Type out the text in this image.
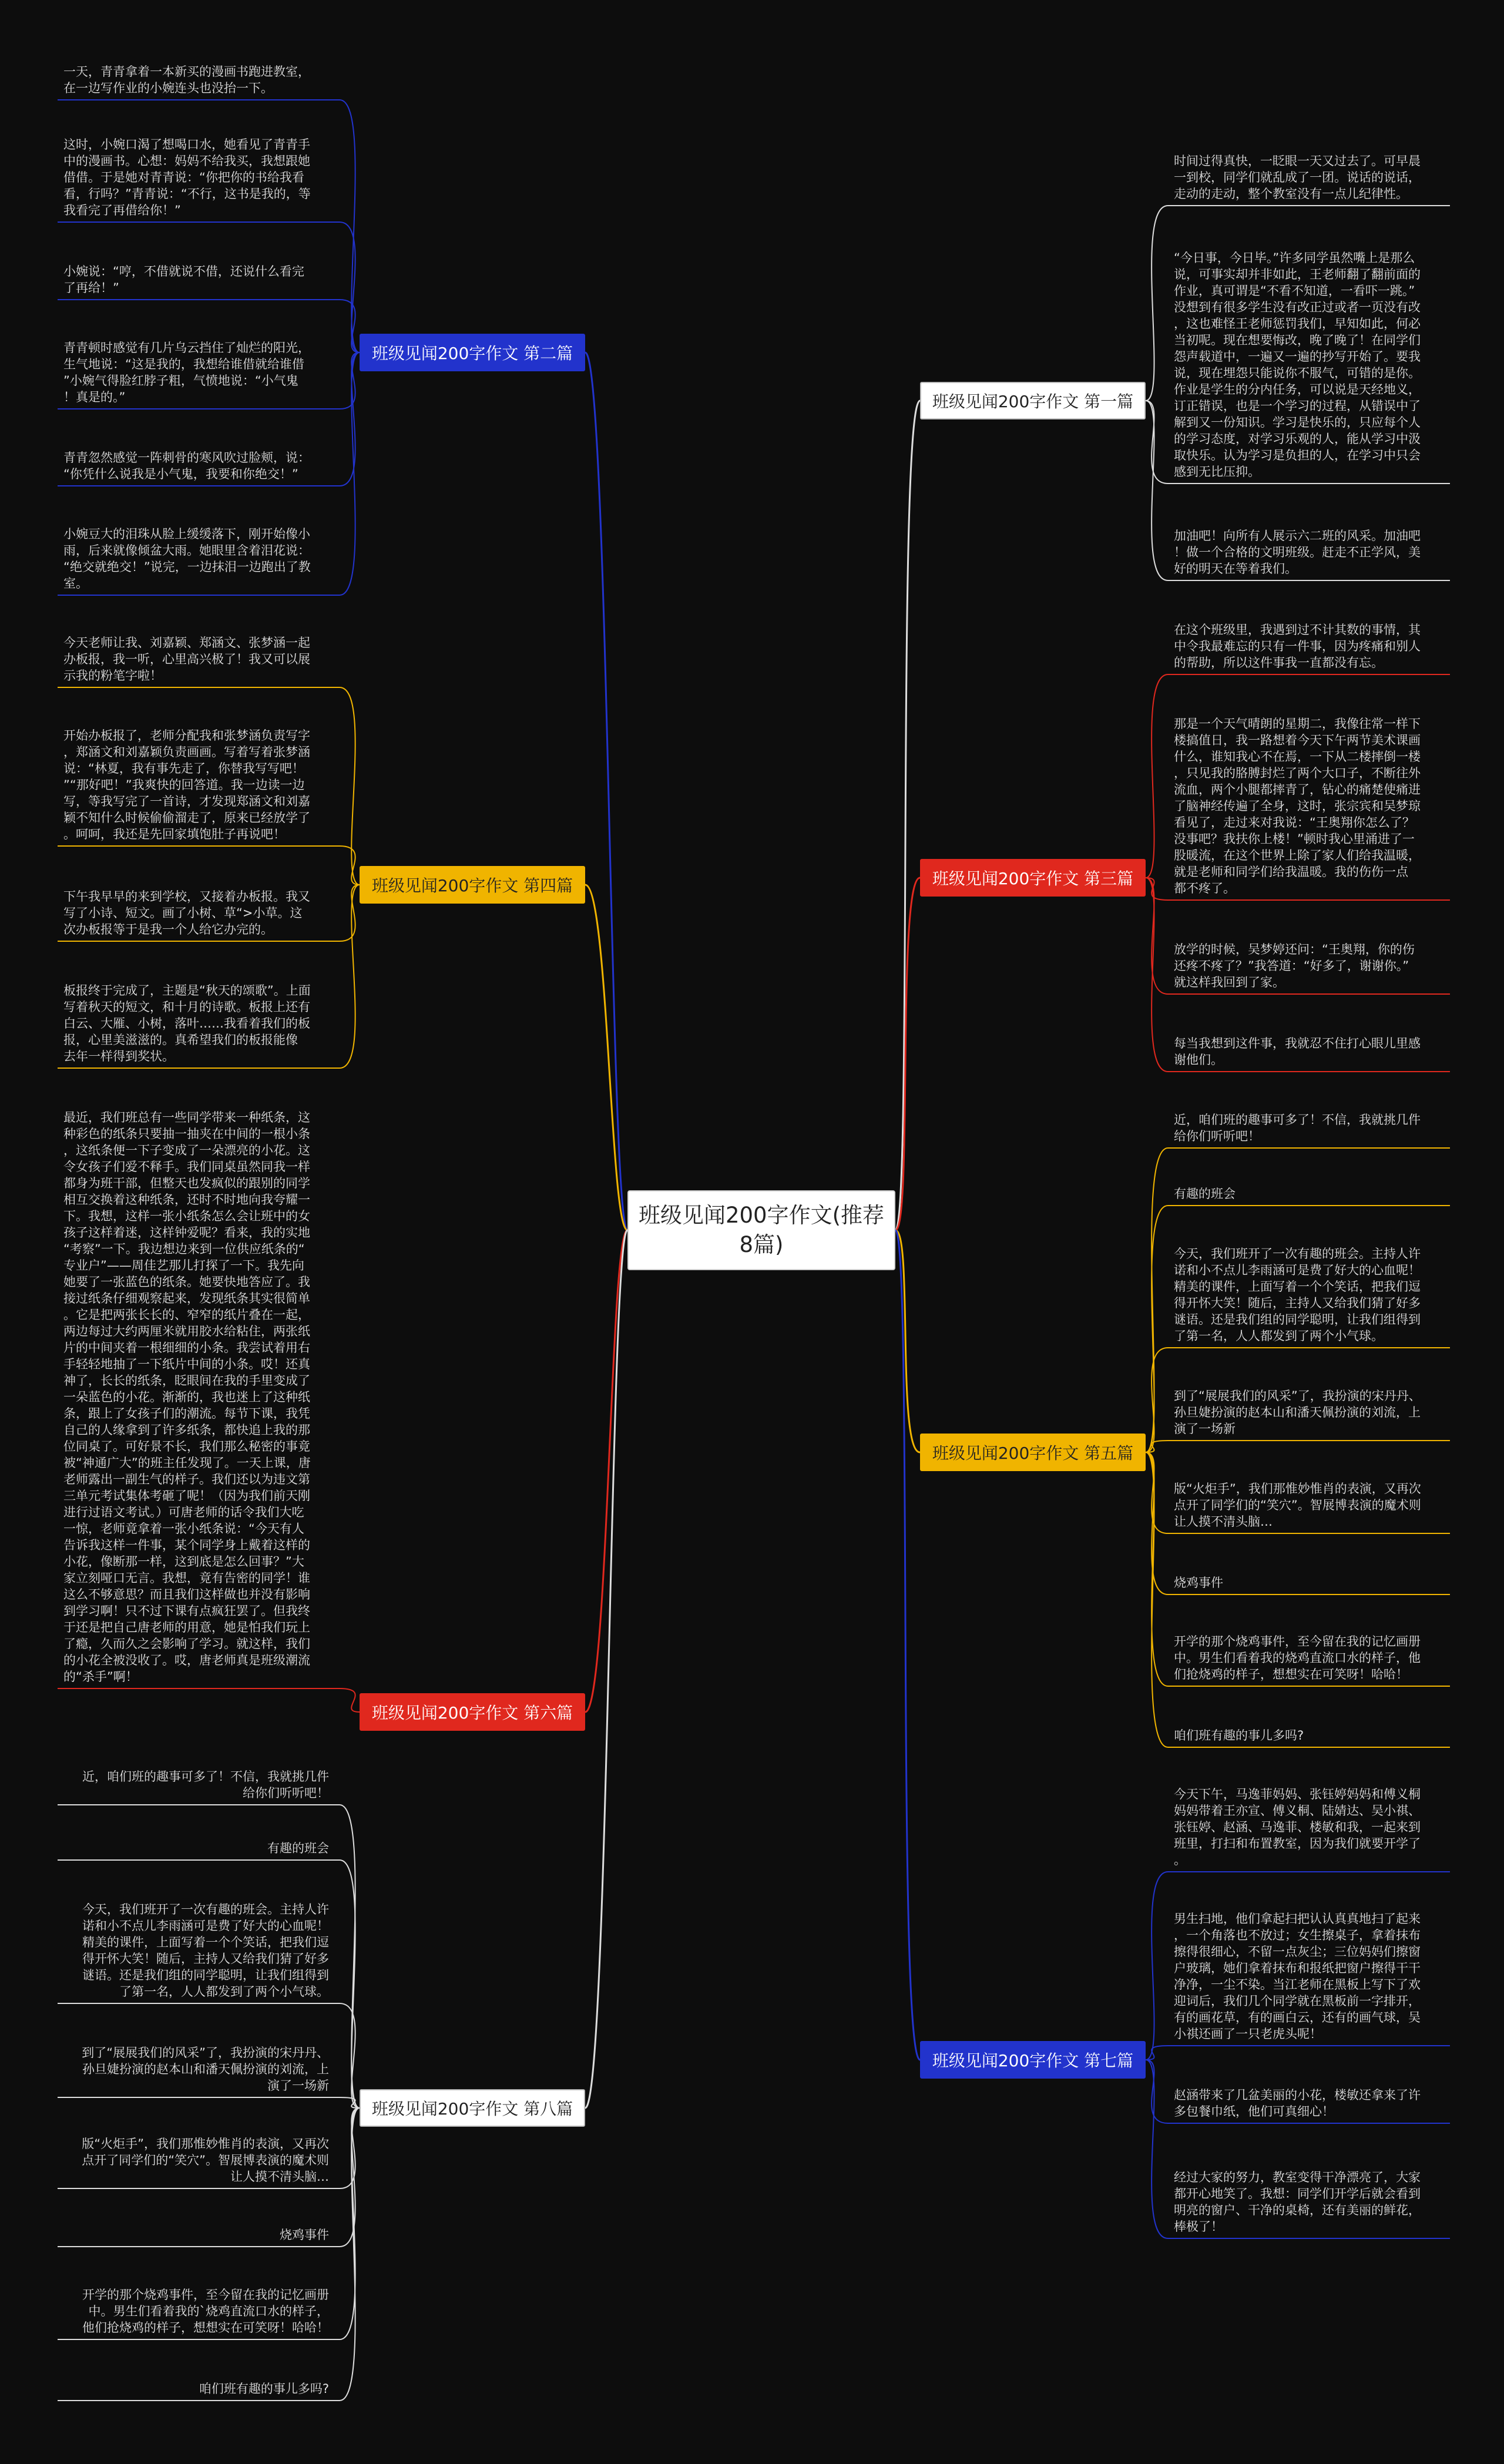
班级见闻200字作文(推荐8篇)
班级见闻200字作文 第一篇

时间过得真快，一眨眼一天又过去了。可早晨
一到校，同学们就乱成了一团。说话的说话，
走动的走动，整个教室没有一点儿纪律性。

“今日事，今日毕。”许多同学虽然嘴上是那么
说，可事实却并非如此，王老师翻了翻前面的
作业，真可谓是“不看不知道，一看吓一跳。”
没想到有很多学生没有改正过或者一页没有改
，这也难怪王老师惩罚我们，早知如此，何必
当初呢。现在想要悔改，晚了晚了！在同学们
怨声载道中，一遍又一遍的抄写开始了。要我
说，现在埋怨只能说你不服气，可错的是你。
作业是学生的分内任务，可以说是天经地义，
订正错误，也是一个学习的过程，从错误中了
解到又一份知识。学习是快乐的，只应每个人
的学习态度，对学习乐观的人，能从学习中汲
取快乐。认为学习是负担的人，在学习中只会
感到无比压抑。

加油吧！向所有人展示六二班的风采。加油吧
！做一个合格的文明班级。赶走不正学风，美
好的明天在等着我们。

班级见闻200字作文 第二篇

一天，青青拿着一本新买的漫画书跑进教室，
在一边写作业的小婉连头也没抬一下。

这时，小婉口渴了想喝口水，她看见了青青手
中的漫画书。心想：妈妈不给我买，我想跟她
借借。于是她对青青说：“你把你的书给我看
看，行吗？”青青说：“不行，这书是我的，等
我看完了再借给你！”

小婉说：“哼，不借就说不借，还说什么看完
了再给！”

青青顿时感觉有几片乌云挡住了灿烂的阳光，
生气地说：“这是我的，我想给谁借就给谁借
”小婉气得脸红脖子粗，气愤地说：“小气鬼
！真是的。”

青青忽然感觉一阵刺骨的寒风吹过脸颊，说：
“你凭什么说我是小气鬼，我要和你绝交！”

小婉豆大的泪珠从脸上缓缓落下，刚开始像小
雨，后来就像倾盆大雨。她眼里含着泪花说：
“绝交就绝交！”说完，一边抹泪一边跑出了教
室。

班级见闻200字作文 第三篇

在这个班级里，我遇到过不计其数的事情，其
中令我最难忘的只有一件事，因为疼痛和别人
的帮助，所以这件事我一直都没有忘。

那是一个天气晴朗的星期二，我像往常一样下
楼搞值日，我一路想着今天下午两节美术课画
什么，谁知我心不在焉，一下从二楼摔倒一楼
，只见我的胳膊封烂了两个大口子，不断往外
流血，两个小腿都摔青了，钻心的痛楚使痛进
了脑神经传遍了全身，这时，张宗宾和吴梦琼
看见了，走过来对我说：“王奥翔你怎么了？
没事吧？我扶你上楼！”顿时我心里涌进了一
股暖流，在这个世界上除了家人们给我温暖，
就是老师和同学们给我温暖。我的伤伤一点
都不疼了。

放学的时候，吴梦婷还问：“王奥翔，你的伤
还疼不疼了？”我答道：“好多了，谢谢你。”
就这样我回到了家。

每当我想到这件事，我就忍不住打心眼儿里感
谢他们。

班级见闻200字作文 第四篇

今天老师让我、刘嘉颖、郑涵文、张梦涵一起
办板报，我一听，心里高兴极了！我又可以展
示我的粉笔字啦！

开始办板报了，老师分配我和张梦涵负责写字
，郑涵文和刘嘉颖负责画画。写着写着张梦涵
说：“林夏，我有事先走了，你替我写写吧！
”“那好吧！”我爽快的回答道。我一边读一边
写，等我写完了一首诗，才发现郑涵文和刘嘉
颖不知什么时候偷偷溜走了，原来已经放学了
。呵呵，我还是先回家填饱肚子再说吧！

下午我早早的来到学校，又接着办板报。我又
写了小诗、短文。画了小树、草“>小草。这
次办板报等于是我一个人给它办完的。

板报终于完成了，主题是“秋天的颂歌”。上面
写着秋天的短文，和十月的诗歌。板报上还有
白云、大雁、小树，落叶……我看着我们的板
报，心里美滋滋的。真希望我们的板报能像
去年一样得到奖状。

班级见闻200字作文 第五篇

近，咱们班的趣事可多了！不信，我就挑几件
给你们听听吧！

有趣的班会

今天，我们班开了一次有趣的班会。主持人许
诺和小不点儿李雨涵可是费了好大的心血呢！
精美的课件，上面写着一个个笑话，把我们逗
得开怀大笑！随后，主持人又给我们猜了好多
谜语。还是我们组的同学聪明，让我们组得到
了第一名，人人都发到了两个小气球。

到了“展展我们的风采”了，我扮演的宋丹丹、
孙旦婕扮演的赵本山和潘天佩扮演的刘流，上
演了一场新

版“火炬手”，我们那惟妙惟肖的表演，又再次
点开了同学们的“笑穴”。智展博表演的魔术则
让人摸不清头脑…

烧鸡事件

开学的那个烧鸡事件，至今留在我的记忆画册
中。男生们看着我的烧鸡直流口水的样子，他
们抢烧鸡的样子，想想实在可笑呀！哈哈！

咱们班有趣的事儿多吗?

班级见闻200字作文 第六篇

最近，我们班总有一些同学带来一种纸条，这
种彩色的纸条只要抽一抽夹在中间的一根小条
，这纸条便一下子变成了一朵漂亮的小花。这
令女孩子们爱不释手。我们同桌虽然同我一样
都身为班干部，但整天也发疯似的跟别的同学
相互交换着这种纸条，还时不时地向我夸耀一
下。我想，这样一张小纸条怎么会让班中的女
孩子这样着迷，这样钟爱呢？看来，我的实地
“考察”一下。我边想边来到一位供应纸条的“
专业户”——周佳艺那儿打探了一下。我先向
她要了一张蓝色的纸条。她要快地答应了。我
接过纸条仔细观察起来，发现纸条其实很简单
。它是把两张长长的、窄窄的纸片叠在一起，
两边每过大约两厘米就用胶水给粘住，两张纸
片的中间夹着一根细细的小条。我尝试着用右
手轻轻地抽了一下纸片中间的小条。哎！还真
神了，长长的纸条，眨眼间在我的手里变成了
一朵蓝色的小花。渐渐的，我也迷上了这种纸
条，跟上了女孩子们的潮流。每节下课，我凭
自己的人缘拿到了许多纸条，都快追上我的那
位同桌了。可好景不长，我们那么秘密的事竟
被“神通广大”的班主任发现了。一天上课，唐
老师露出一副生气的样子。我们还以为违文第
三单元考试集体考砸了呢！（因为我们前天刚
进行过语文考试。）可唐老师的话令我们大吃
一惊，老师竟拿着一张小纸条说：“今天有人
告诉我这样一件事，某个同学身上戴着这样的
小花，像断那一样，这到底是怎么回事？”大
家立刻哑口无言。我想，竟有告密的同学！谁
这么不够意思？而且我们这样做也并没有影响
到学习啊！只不过下课有点疯狂罢了。但我终
于还是把自己唐老师的用意，她是怕我们玩上
了瘾，久而久之会影响了学习。就这样，我们
的小花全被没收了。哎，唐老师真是班级潮流
的“杀手”啊！

班级见闻200字作文 第七篇

今天下午，马逸菲妈妈、张钰婷妈妈和傅义桐
妈妈带着王亦宣、傅义桐、陆婧达、吴小祺、
张钰婷、赵涵、马逸菲、楼敏和我，一起来到
班里，打扫和布置教室，因为我们就要开学了
。

男生扫地，他们拿起扫把认认真真地扫了起来
，一个角落也不放过；女生擦桌子，拿着抹布
擦得很细心，不留一点灰尘；三位妈妈们擦窗
户玻璃，她们拿着抹布和报纸把窗户擦得干干
净净，一尘不染。当江老师在黑板上写下了欢
迎词后，我们几个同学就在黑板前一字排开，
有的画花草，有的画白云，还有的画气球，吴
小祺还画了一只老虎头呢！

赵涵带来了几盆美丽的小花，楼敏还拿来了许
多包餐巾纸，他们可真细心！

经过大家的努力，教室变得干净漂亮了，大家
都开心地笑了。我想：同学们开学后就会看到
明亮的窗户、干净的桌椅，还有美丽的鲜花，
棒极了！

班级见闻200字作文 第八篇

近，咱们班的趣事可多了！不信，我就挑几件
给你们听听吧！

有趣的班会

今天，我们班开了一次有趣的班会。主持人许
诺和小不点儿李雨涵可是费了好大的心血呢！
精美的课件，上面写着一个个笑话，把我们逗
得开怀大笑！随后，主持人又给我们猜了好多
谜语。还是我们组的同学聪明，让我们组得到
了第一名，人人都发到了两个小气球。

到了“展展我们的风采”了，我扮演的宋丹丹、
孙旦婕扮演的赵本山和潘天佩扮演的刘流，上
演了一场新

版“火炬手”，我们那惟妙惟肖的表演，又再次
点开了同学们的“笑穴”。智展博表演的魔术则
让人摸不清头脑…

烧鸡事件

开学的那个烧鸡事件，至今留在我的记忆画册
中。男生们看着我的`烧鸡直流口水的样子，
他们抢烧鸡的样子，想想实在可笑呀！哈哈！

咱们班有趣的事儿多吗?
